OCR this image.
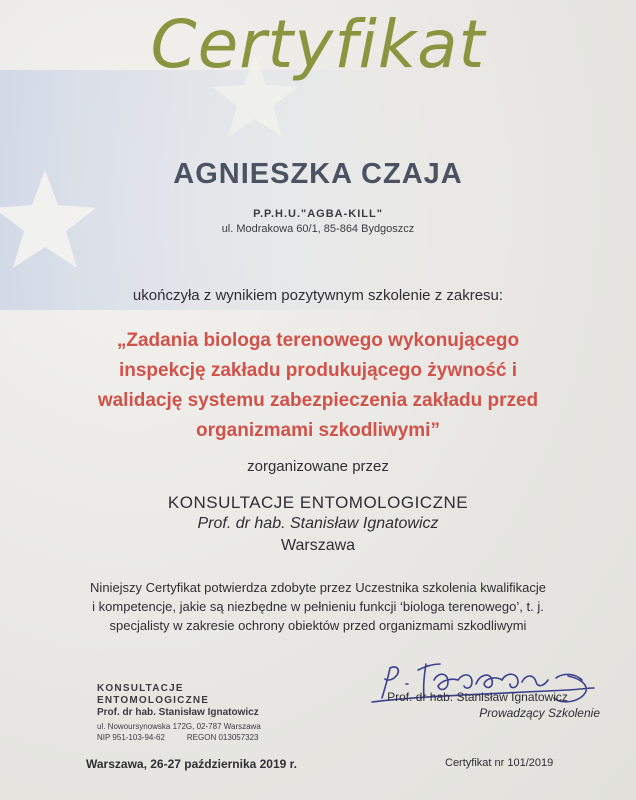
Certyfikat
AGNIESZKA CZAJA
P.P.H.U."AGBA-KILL"
ul. Modrakowa 60/1, 85-864 Bydgoszcz
ukończyła z wynikiem pozytywnym szkolenie z zakresu:
„Zadania biologa terenowego wykonującego
inspekcję zakładu produkującego żywność i
walidację systemu zabezpieczenia zakładu przed
organizmami szkodliwymi”
zorganizowane przez
KONSULTACJE ENTOMOLOGICZNE
Prof. dr hab. Stanisław Ignatowicz
Warszawa
Niniejszy Certyfikat potwierdza zdobyte przez Uczestnika szkolenia kwalifikacje
i kompetencje, jakie są niezbędne w pełnieniu funkcji ‘biologa terenowego’, t. j.
specjalisty w zakresie ochrony obiektów przed organizmami szkodliwymi
KONSULTACJE ENTOMOLOGICZNE
Prof. dr hab. Stanisław Ignatowicz
ul. Nowoursynowska 172G, 02-787 Warszawa
NIP 951-103-94-62	REGON 013057323
Prof. dr hab. Stanisław Ignatowicz
Prowadzący Szkolenie
Warszawa, 26-27 października 2019 r.	Certyfikat nr 101/2019
